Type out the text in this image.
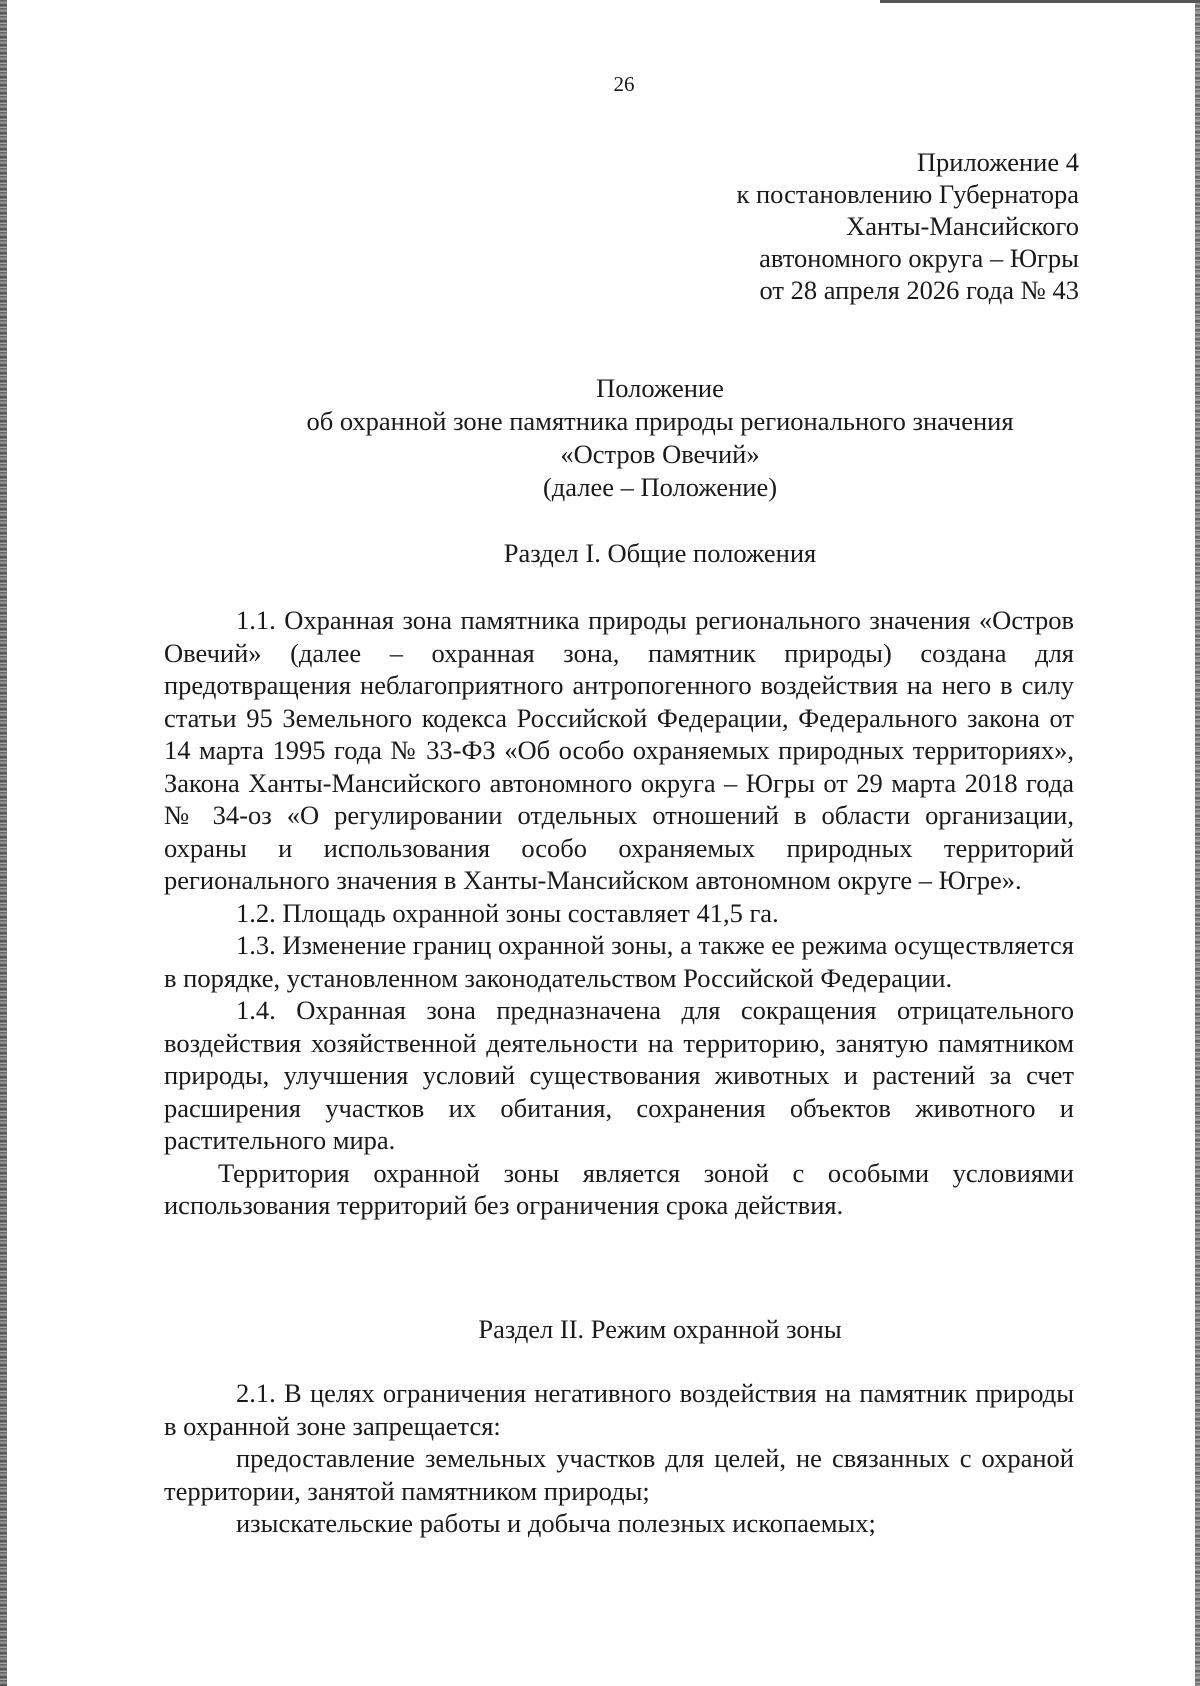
26
Приложение 4
к постановлению Губернатора
Ханты-Мансийского
автономного округа – Югры
от 28 апреля 2026 года № 43
Положение
об охранной зоне памятника природы регионального значения
«Остров Овечий»
(далее – Положение)
Раздел I. Общие положения

1.1. Охранная зона памятника природы регионального значения «Остров Овечий» (далее – охранная зона, памятник природы) создана для предотвращения неблагоприятного антропогенного воздействия на него в силу статьи 95 Земельного кодекса Российской Федерации, Федерального закона от 14 марта 1995 года № 33-ФЗ «Об особо охраняемых природных территориях», Закона Ханты-Мансийского автономного округа – Югры от 29 марта 2018 года № 34-оз «О регулировании отдельных отношений в области организации, охраны и использования особо охраняемых природных территорий регионального значения в Ханты-Мансийском автономном округе – Югре».

1.2. Площадь охранной зоны составляет 41,5 га.

1.3. Изменение границ охранной зоны, а также ее режима осуществляется в порядке, установленном законодательством Российской Федерации.

1.4. Охранная зона предназначена для сокращения отрицательного воздействия хозяйственной деятельности на территорию, занятую памятником природы, улучшения условий существования животных и растений за счет расширения участков их обитания, сохранения объектов животного и растительного мира.

Территория охранной зоны является зоной с особыми условиями использования территорий без ограничения срока действия.

Раздел II. Режим охранной зоны

2.1. В целях ограничения негативного воздействия на памятник природы в охранной зоне запрещается:

предоставление земельных участков для целей, не связанных с охраной территории, занятой памятником природы;

изыскательские работы и добыча полезных ископаемых;
